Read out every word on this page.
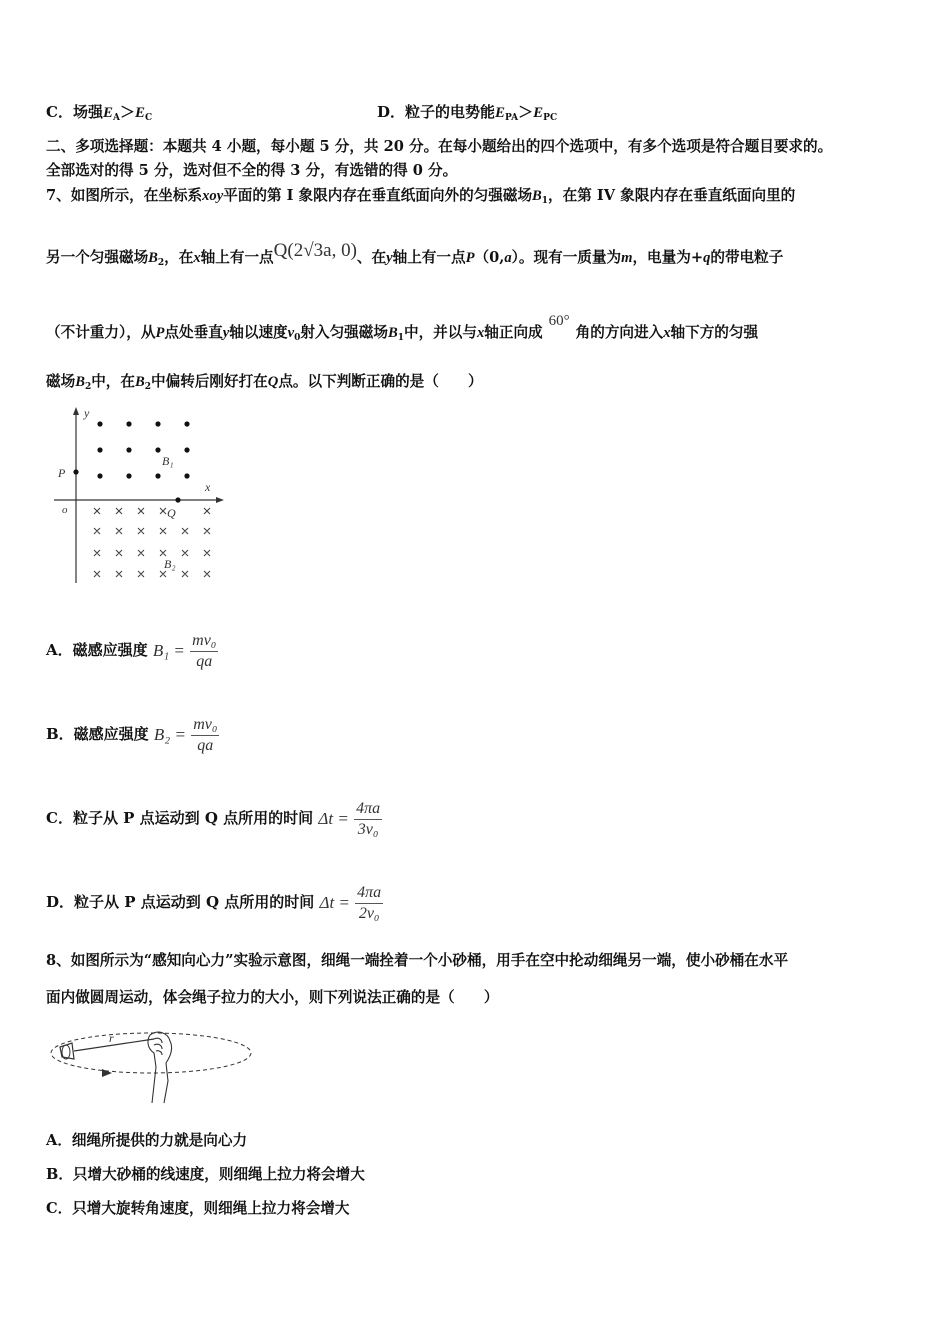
C．场强$E_A>E_C$	D．粒子的电势能$E_{PA}>E_{PC}$
二、多项选择题：本题共 4 小题，每小题 5 分，共 20 分。在每小题给出的四个选项中，有多个选项是符合题目要求的。
全部选对的得 5 分，选对但不全的得 3 分，有选错的得 0 分。
7、如图所示，在坐标系xoy平面的第 I 象限内存在垂直纸面向外的匀强磁场$B_1$，在第 IV 象限内存在垂直纸面向里的
另一个匀强磁场$B_2$，在x轴上有一点Q(2√3a, 0)、在y轴上有一点P（0,a）。现有一质量为m，电量为+q的带电粒子
（不计重力），从P点处垂直y轴以速度$v_0$射入匀强磁场$B_1$中，并以与x轴正向成60°角的方向进入x轴下方的匀强
磁场$B_2$中，在$B_2$中偏转后刚好打在Q点。以下判断正确的是（　　）
y
x
o
P
Q
B₁
B₂
A．磁感应强度 $B_1 = \frac{\text{mv₀}}{qa}$
B．磁感应强度 $B_2 = \frac{\text{mv₀}}{qa}$
C．粒子从 P 点运动到 Q 点所用的时间 $\Delta t = \frac{4\pi a}{\text{3v₀}}$
D．粒子从 P 点运动到 Q 点所用的时间 $\Delta t = \frac{4\pi a}{\text{2v₀}}$
8、如图所示为“感知向心力”实验示意图，细绳一端拴着一个小砂桶，用手在空中抡动细绳另一端，使小砂桶在水平
面内做圆周运动，体会绳子拉力的大小，则下列说法正确的是（　　）
r
A．细绳所提供的力就是向心力
B．只增大砂桶的线速度，则细绳上拉力将会增大
C．只增大旋转角速度，则细绳上拉力将会增大
